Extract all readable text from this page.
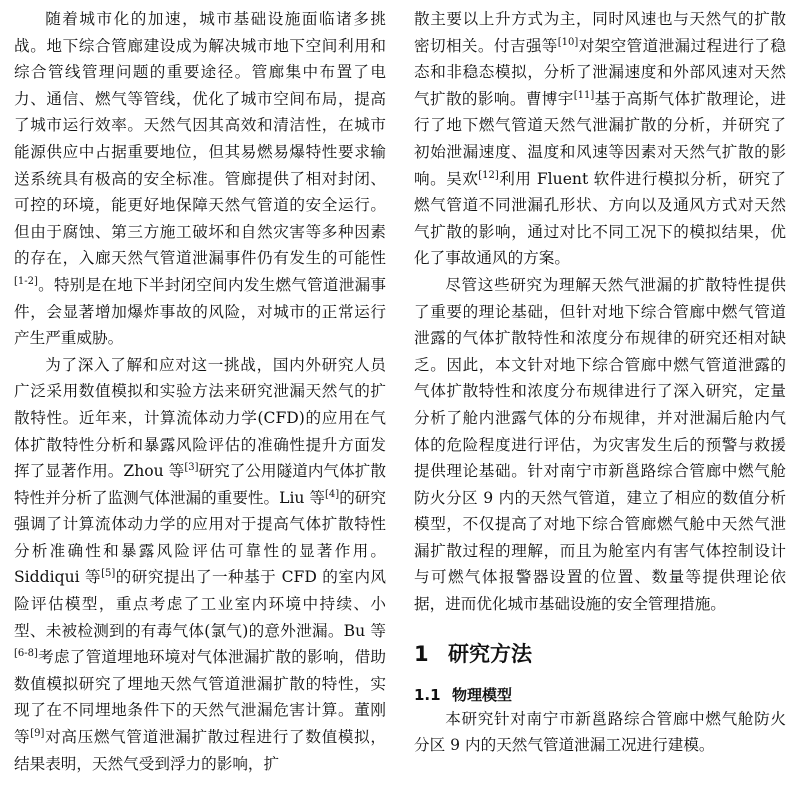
随着城市化的加速，城市基础设施面临诸多挑战。地下综合管廊建设成为解决城市地下空间利用和综合管线管理问题的重要途径。管廊集中布置了电力、通信、燃气等管线，优化了城市空间布局，提高了城市运行效率。天然气因其高效和清洁性，在城市能源供应中占据重要地位，但其易燃易爆特性要求输送系统具有极高的安全标准。管廊提供了相对封闭、可控的环境，能更好地保障天然气管道的安全运行。但由于腐蚀、第三方施工破坏和自然灾害等多种因素的存在，入廊天然气管道泄漏事件仍有发生的可能性[1-2]。特别是在地下半封闭空间内发生燃气管道泄漏事件，会显著增加爆炸事故的风险，对城市的正常运行产生严重威胁。

为了深入了解和应对这一挑战，国内外研究人员广泛采用数值模拟和实验方法来研究泄漏天然气的扩散特性。近年来，计算流体动力学(CFD)的应用在气体扩散特性分析和暴露风险评估的准确性提升方面发挥了显著作用。Zhou 等[3]研究了公用隧道内气体扩散特性并分析了监测气体泄漏的重要性。Liu 等[4]的研究强调了计算流体动力学的应用对于提高气体扩散特性分析准确性和暴露风险评估可靠性的显著作用。Siddiqui 等[5]的研究提出了一种基于 CFD 的室内风险评估模型，重点考虑了工业室内环境中持续、小型、未被检测到的有毒气体(氯气)的意外泄漏。Bu 等[6-8]考虑了管道埋地环境对气体泄漏扩散的影响，借助数值模拟研究了埋地天然气管道泄漏扩散的特性，实现了在不同埋地条件下的天然气泄漏危害计算。董刚等[9]对高压燃气管道泄漏扩散过程进行了数值模拟，结果表明，天然气受到浮力的影响，扩

散主要以上升方式为主，同时风速也与天然气的扩散密切相关。付吉强等[10]对架空管道泄漏过程进行了稳态和非稳态模拟，分析了泄漏速度和外部风速对天然气扩散的影响。曹博宇[11]基于高斯气体扩散理论，进行了地下燃气管道天然气泄漏扩散的分析，并研究了初始泄漏速度、温度和风速等因素对天然气扩散的影响。吴欢[12]利用 Fluent 软件进行模拟分析，研究了燃气管道不同泄漏孔形状、方向以及通风方式对天然气扩散的影响，通过对比不同工况下的模拟结果，优化了事故通风的方案。

尽管这些研究为理解天然气泄漏的扩散特性提供了重要的理论基础，但针对地下综合管廊中燃气管道泄露的气体扩散特性和浓度分布规律的研究还相对缺乏。因此，本文针对地下综合管廊中燃气管道泄露的气体扩散特性和浓度分布规律进行了深入研究，定量分析了舱内泄露气体的分布规律，并对泄漏后舱内气体的危险程度进行评估，为灾害发生后的预警与救援提供理论基础。针对南宁市新邕路综合管廊中燃气舱防火分区 9 内的天然气管道，建立了相应的数值分析模型，不仅提高了对地下综合管廊燃气舱中天然气泄漏扩散过程的理解，而且为舱室内有害气体控制设计与可燃气体报警器设置的位置、数量等提供理论依据，进而优化城市基础设施的安全管理措施。

1 研究方法
1.1 物理模型

本研究针对南宁市新邕路综合管廊中燃气舱防火分区 9 内的天然气管道泄漏工况进行建模。
